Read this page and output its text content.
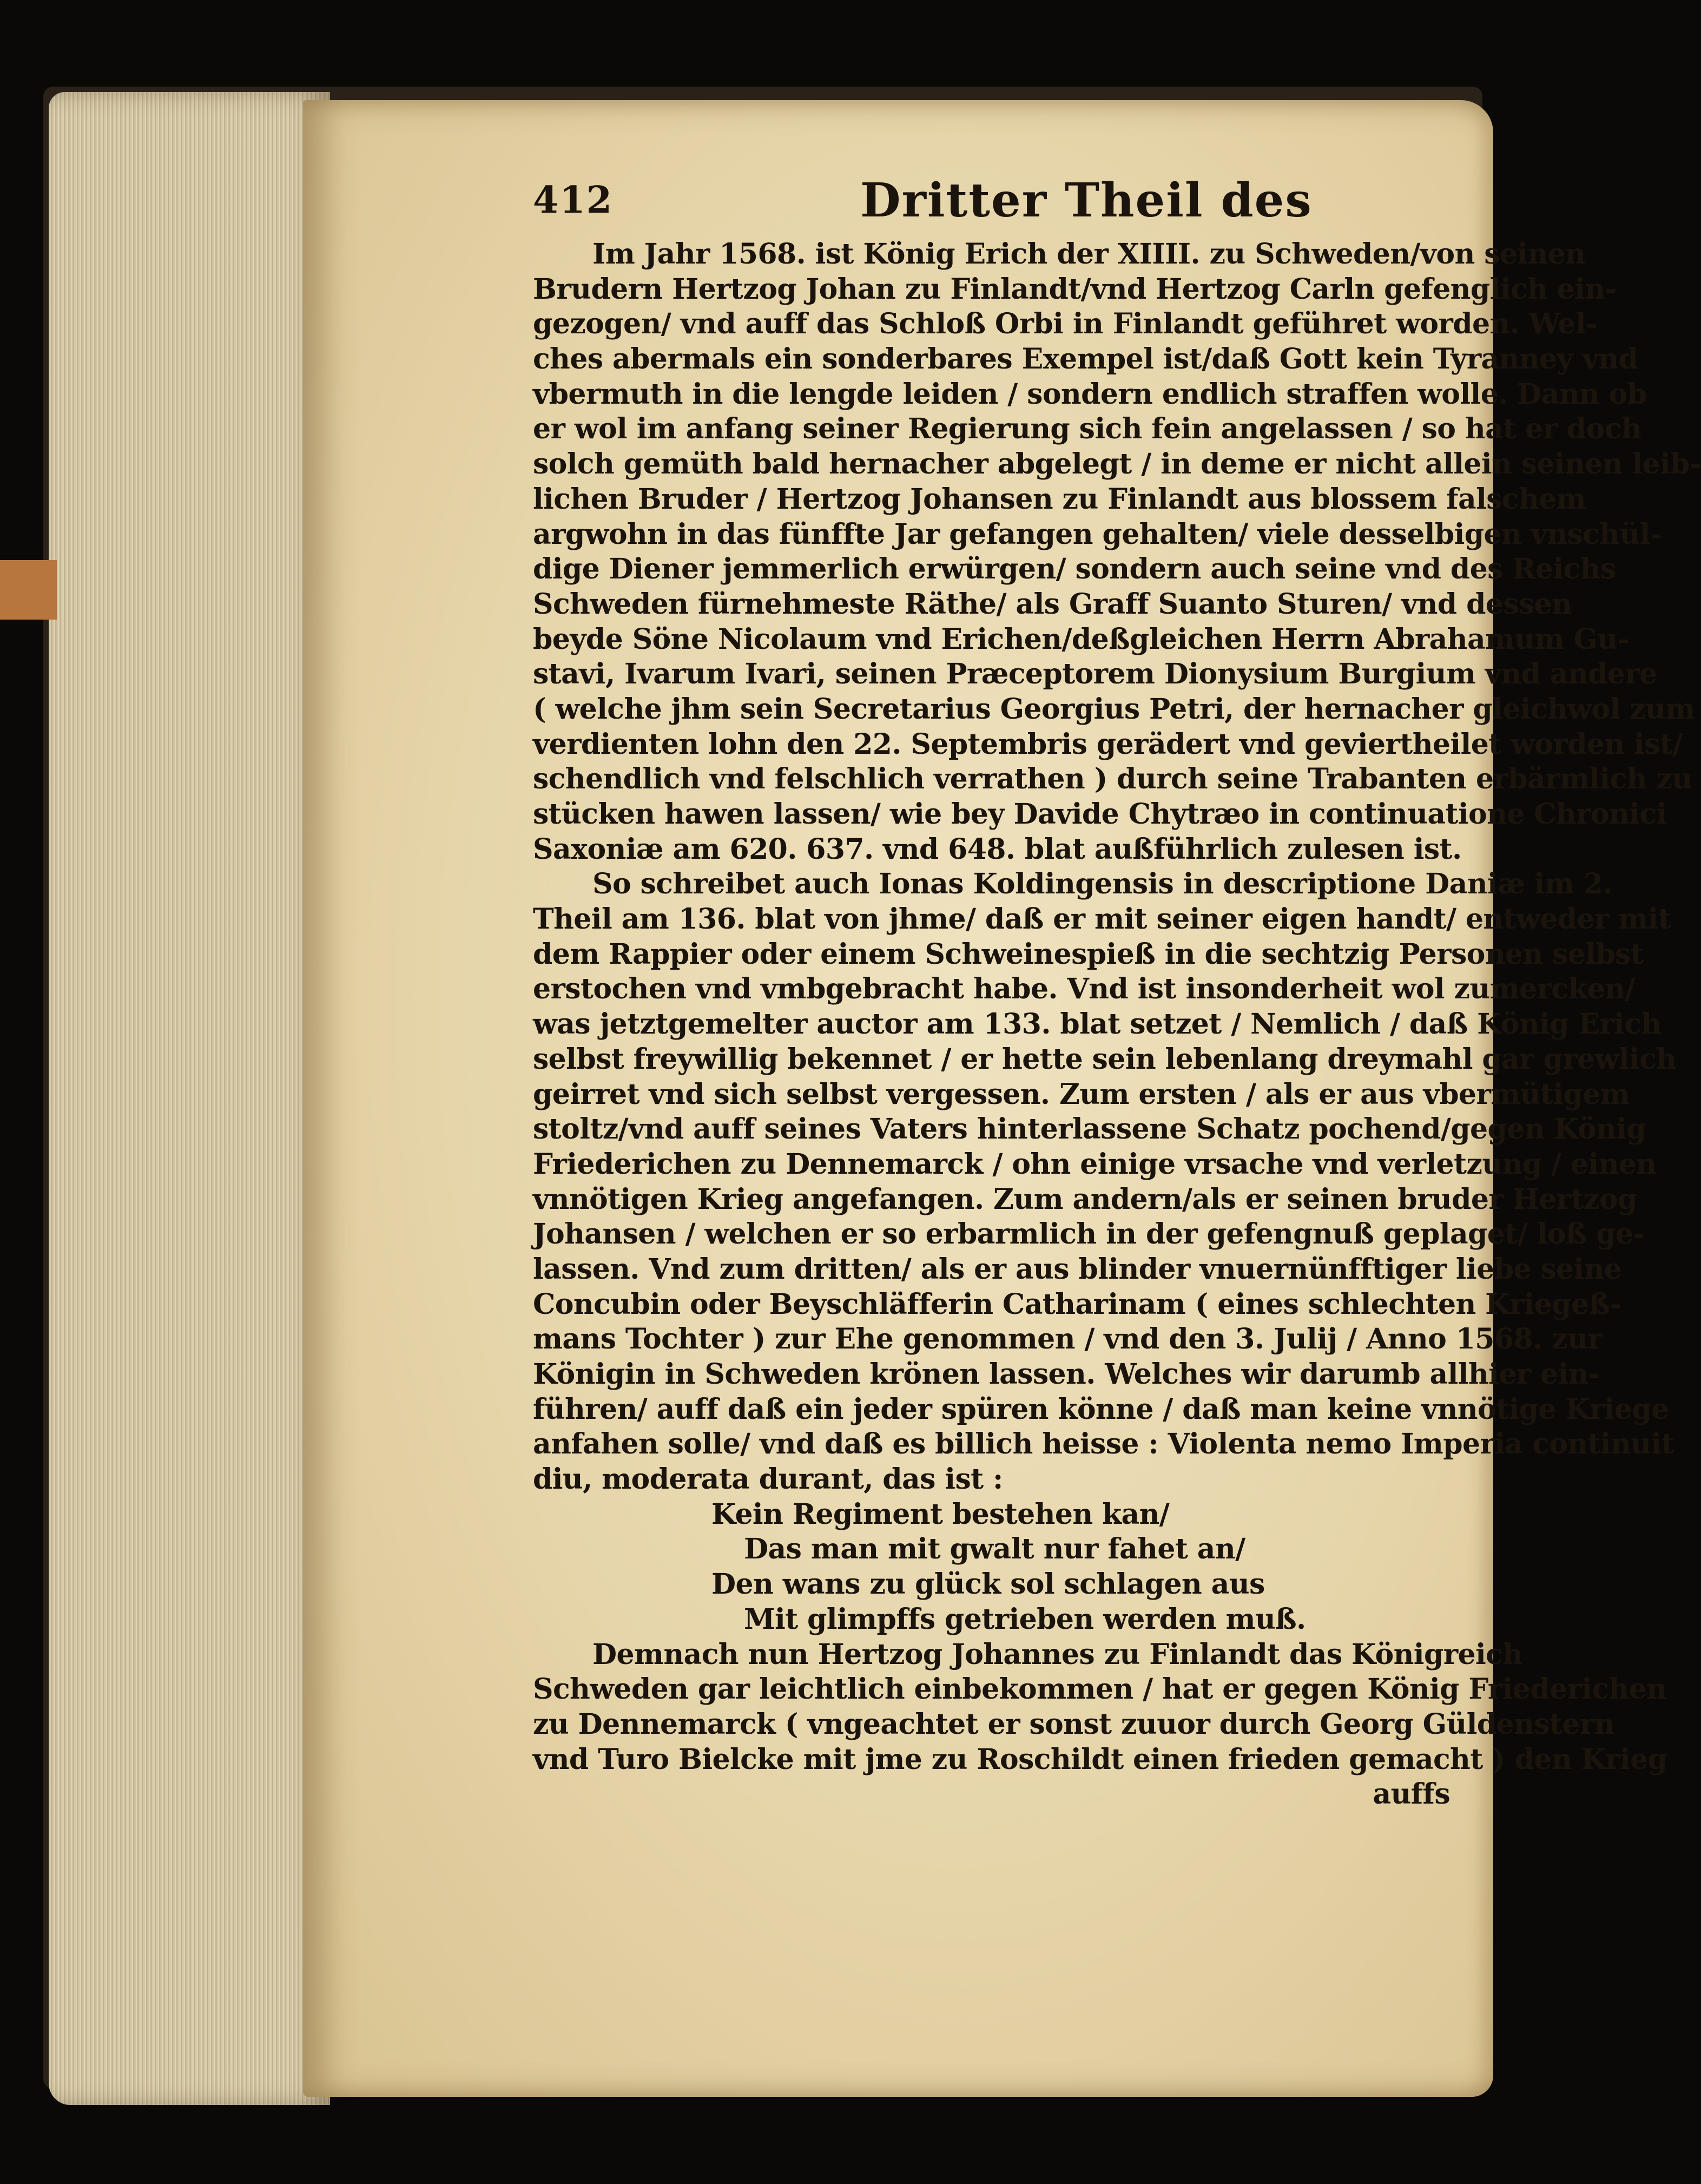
412	Dritter Theil des
Im Jahr 1568. ist König Erich der XIIII. zu Schweden/von seinen
Brudern Hertzog Johan zu Finlandt/vnd Hertzog Carln gefenglich ein-
gezogen/ vnd auff das Schloß Orbi in Finlandt geführet worden. Wel-
ches abermals ein sonderbares Exempel ist/daß Gott kein Tyranney vnd
vbermuth in die lengde leiden / sondern endlich straffen wolle. Dann ob
er wol im anfang seiner Regierung sich fein angelassen / so hat er doch
solch gemüth bald hernacher abgelegt / in deme er nicht allein seinen leib-
lichen Bruder / Hertzog Johansen zu Finlandt aus blossem falschem
argwohn in das fünffte Jar gefangen gehalten/ viele desselbigen vnschül-
dige Diener jemmerlich erwürgen/ sondern auch seine vnd des Reichs
Schweden fürnehmeste Räthe/ als Graff Suanto Sturen/ vnd dessen
beyde Söne Nicolaum vnd Erichen/deßgleichen Herrn Abrahamum Gu-
stavi, Ivarum Ivari, seinen Præceptorem Dionysium Burgium vnd andere
( welche jhm sein Secretarius Georgius Petri, der hernacher gleichwol zum
verdienten lohn den 22. Septembris gerädert vnd geviertheilet worden ist/
schendlich vnd felschlich verrathen ) durch seine Trabanten erbärmlich zu
stücken hawen lassen/ wie bey Davide Chytræo in continuatione Chronici
Saxoniæ am 620. 637. vnd 648. blat außführlich zulesen ist.
So schreibet auch Ionas Koldingensis in descriptione Daniæ im 2.
Theil am 136. blat von jhme/ daß er mit seiner eigen handt/ entweder mit
dem Rappier oder einem Schweinespieß in die sechtzig Personen selbst
erstochen vnd vmbgebracht habe. Vnd ist insonderheit wol zumercken/
was jetztgemelter auctor am 133. blat setzet / Nemlich / daß König Erich
selbst freywillig bekennet / er hette sein lebenlang dreymahl gar grewlich
geirret vnd sich selbst vergessen. Zum ersten / als er aus vbermütigem
stoltz/vnd auff seines Vaters hinterlassene Schatz pochend/gegen König
Friederichen zu Dennemarck / ohn einige vrsache vnd verletzung / einen
vnnötigen Krieg angefangen. Zum andern/als er seinen bruder Hertzog
Johansen / welchen er so erbarmlich in der gefengnuß geplaget/ loß ge-
lassen. Vnd zum dritten/ als er aus blinder vnuernünfftiger liebe seine
Concubin oder Beyschläfferin Catharinam ( eines schlechten Kriegeß-
mans Tochter ) zur Ehe genommen / vnd den 3. Julij / Anno 1568. zur
Königin in Schweden krönen lassen. Welches wir darumb allhier ein-
führen/ auff daß ein jeder spüren könne / daß man keine vnnötige Kriege
anfahen solle/ vnd daß es billich heisse : Violenta nemo Imperia continuit
diu, moderata durant, das ist :
Kein Regiment bestehen kan/
Das man mit gwalt nur fahet an/
Den wans zu glück sol schlagen aus
Mit glimpffs getrieben werden muß.
Demnach nun Hertzog Johannes zu Finlandt das Königreich
Schweden gar leichtlich einbekommen / hat er gegen König Friederichen
zu Dennemarck ( vngeachtet er sonst zuuor durch Georg Güldenstern
vnd Turo Bielcke mit jme zu Roschildt einen frieden gemacht ) den Krieg
auffs
